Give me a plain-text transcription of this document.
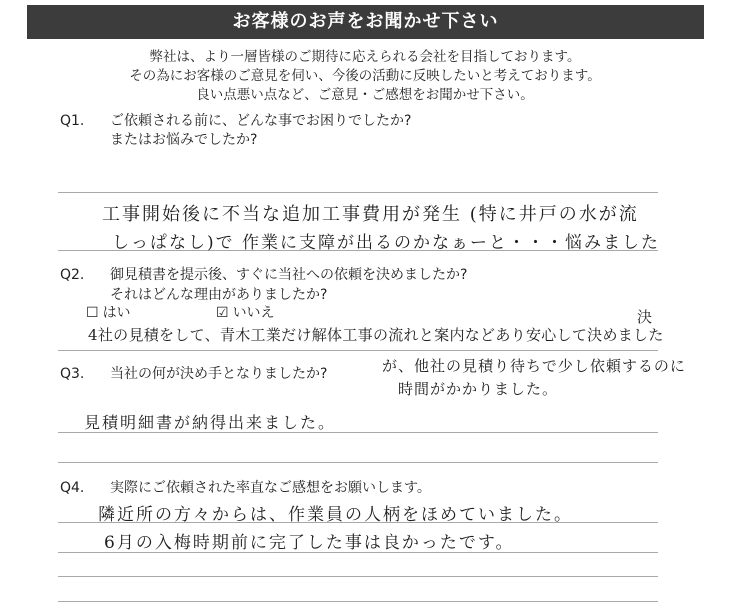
お客様のお声をお聞かせ下さい

弊社は、より一層皆様のご期待に応えられる会社を目指しております。

その為にお客様のご意見を伺い、今後の活動に反映したいと考えております。

良い点悪い点など、ご意見・ご感想をお聞かせ下さい。

Q1. ご依頼される前に、どんな事でお困りでしたか?

またはお悩みでしたか?

工事開始後に不当な追加工事費用が発生 (特に井戸の水が流

しっぱなし)で 作業に支障が出るのかなぁーと・・・悩みました

Q2. 御見積書を提示後、すぐに当社への依頼を決めましたか?

それはどんな理由がありましたか?

☐ はい	☑ いいえ	決

4社の見積をして、青木工業だけ解体工事の流れと案内などあり安心して決めました

Q3. 当社の何が決め手となりましたか?	が、他社の見積り待ちで少し依頼するのに

時間がかかりました。

見積明細書が納得出来ました。

Q4. 実際にご依頼された率直なご感想をお願いします。

隣近所の方々からは、作業員の人柄をほめていました。

6月の入梅時期前に完了した事は良かったです。
